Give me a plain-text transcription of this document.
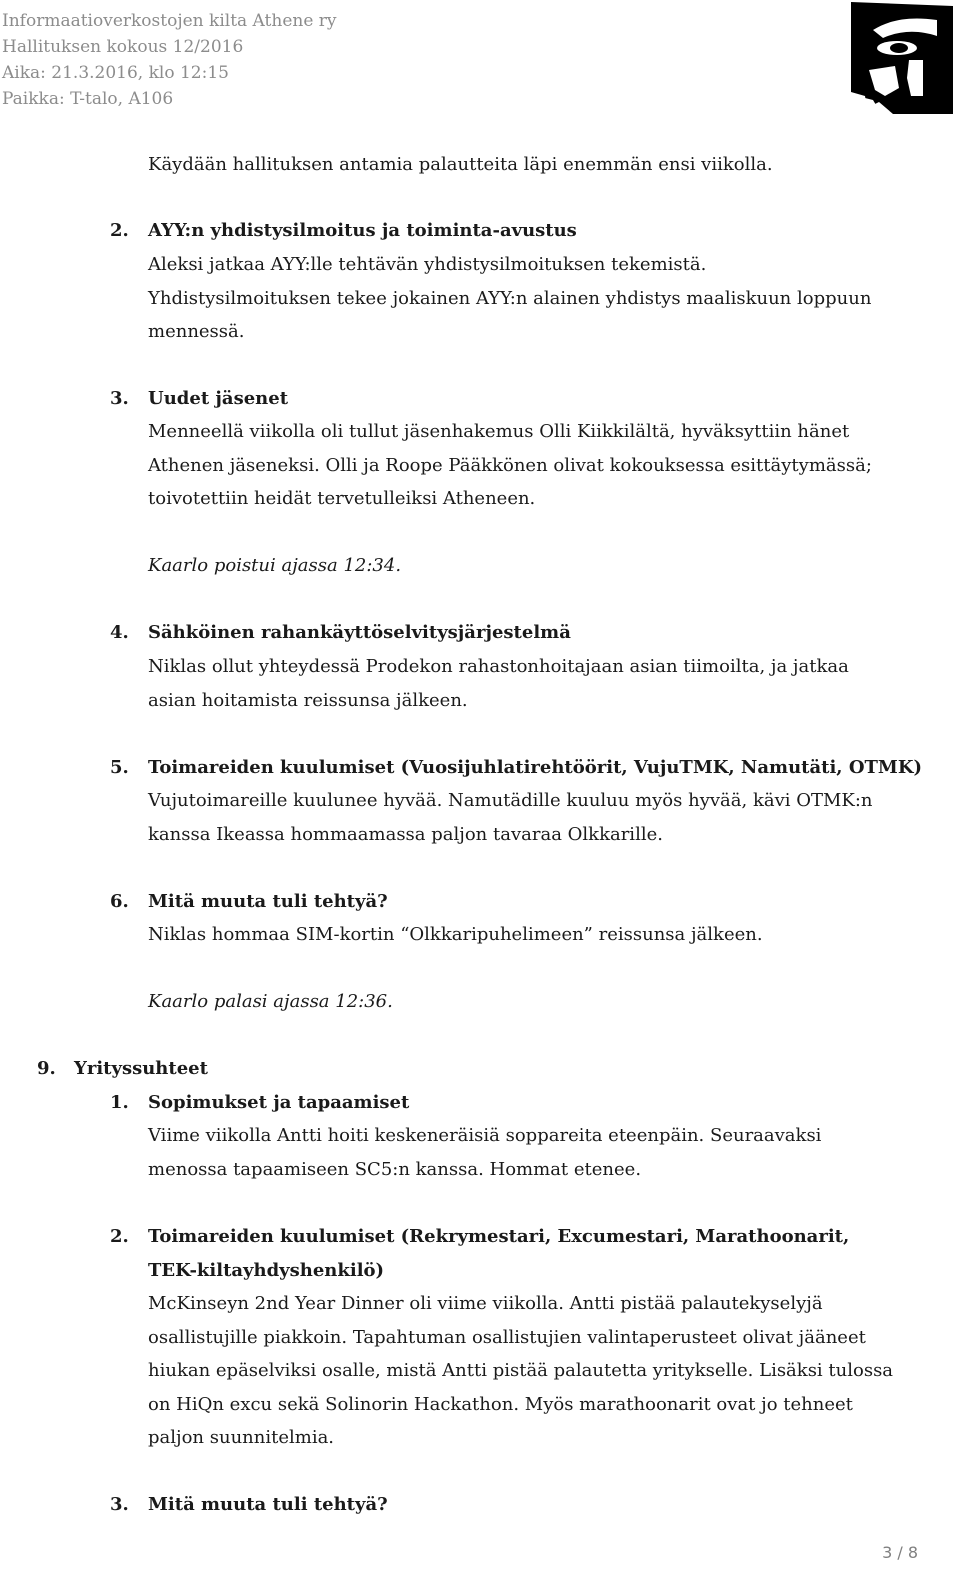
Informaatioverkostojen kilta Athene ry
Hallituksen kokous 12/2016
Aika: 21.3.2016, klo 12:15
Paikka: T-talo, A106
Käydään hallituksen antamia palautteita läpi enemmän ensi viikolla.
2. AYY:n yhdistysilmoitus ja toiminta-avustus
Aleksi jatkaa AYY:lle tehtävän yhdistysilmoituksen tekemistä.
Yhdistysilmoituksen tekee jokainen AYY:n alainen yhdistys maaliskuun loppuun
mennessä.
3. Uudet jäsenet
Menneellä viikolla oli tullut jäsenhakemus Olli Kiikkilältä, hyväksyttiin hänet
Athenen jäseneksi. Olli ja Roope Pääkkönen olivat kokouksessa esittäytymässä;
toivotettiin heidät tervetulleiksi Atheneen.
Kaarlo poistui ajassa 12:34.
4. Sähköinen rahankäyttöselvitysjärjestelmä
Niklas ollut yhteydessä Prodekon rahastonhoitajaan asian tiimoilta, ja jatkaa
asian hoitamista reissunsa jälkeen.
5. Toimareiden kuulumiset (Vuosijuhlatirehtöörit, VujuTMK, Namutäti, OTMK)
Vujutoimareille kuulunee hyvää. Namutädille kuuluu myös hyvää, kävi OTMK:n
kanssa Ikeassa hommaamassa paljon tavaraa Olkkarille.
6. Mitä muuta tuli tehtyä?
Niklas hommaa SIM-kortin “Olkkaripuhelimeen” reissunsa jälkeen.
Kaarlo palasi ajassa 12:36.
9. Yrityssuhteet
1. Sopimukset ja tapaamiset
Viime viikolla Antti hoiti keskeneräisiä soppareita eteenpäin. Seuraavaksi
menossa tapaamiseen SC5:n kanssa. Hommat etenee.
2. Toimareiden kuulumiset (Rekrymestari, Excumestari, Marathoonarit,
TEK-kiltayhdyshenkilö)
McKinseyn 2nd Year Dinner oli viime viikolla. Antti pistää palautekyselyjä
osallistujille piakkoin. Tapahtuman osallistujien valintaperusteet olivat jääneet
hiukan epäselviksi osalle, mistä Antti pistää palautetta yritykselle. Lisäksi tulossa
on HiQn excu sekä Solinorin Hackathon. Myös marathoonarit ovat jo tehneet
paljon suunnitelmia.
3. Mitä muuta tuli tehtyä?
3 / 8
